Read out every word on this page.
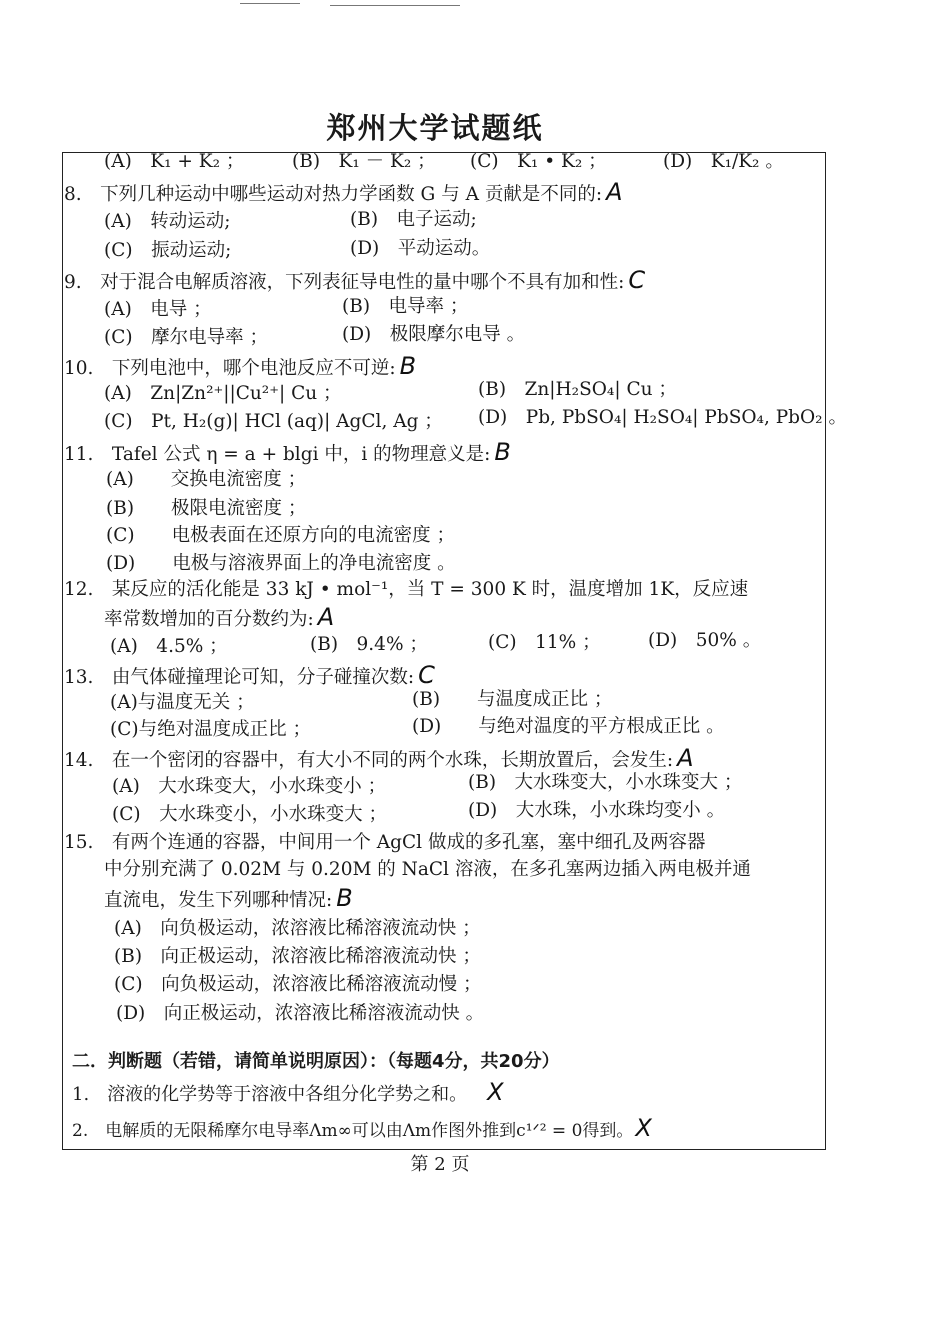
郑州大学试题纸
(A)　K₁ + K₂ ；	(B)　K₁ － K₂ ； (C)　K₁ • K₂ ；	(D)　K₁/K₂ 。
8.　下列几种运动中哪些运动对热力学函数 G 与 A 贡献是不同的: A
(A)　转动运动;	(B)　电子运动;
(C)　振动运动;	(D)　平动运动。
9.　对于混合电解质溶液，下列表征导电性的量中哪个不具有加和性: C
(A)　电导 ；	(B)　电导率 ；
(C)　摩尔电导率 ；	(D)　极限摩尔电导 。
10.　下列电池中，哪个电池反应不可逆: B
(A)　Zn|Zn²⁺||Cu²⁺| Cu ；	(B)　Zn|H₂SO₄| Cu ；
(C)　Pt, H₂(g)| HCl (aq)| AgCl, Ag ； (D)　Pb, PbSO₄| H₂SO₄| PbSO₄, PbO₂ 。
11.　Tafel 公式 η = a + blgi 中，i 的物理意义是: B
(A)　　交换电流密度 ；
(B)　　极限电流密度 ；
(C)　　电极表面在还原方向的电流密度 ；
(D)　　电极与溶液界面上的净电流密度 。
12.　某反应的活化能是 33 kJ • mol⁻¹，当 T = 300 K 时，温度增加 1K，反应速
率常数增加的百分数约为: A
(A)　4.5% ；	(B)　9.4% ；	(C)　11% ；	(D)　50% 。
13.　由气体碰撞理论可知，分子碰撞次数: C
(A)与温度无关 ；	(B)　　与温度成正比 ；
(C)与绝对温度成正比 ；	(D)　　与绝对温度的平方根成正比 。
14.　在一个密闭的容器中，有大小不同的两个水珠，长期放置后，会发生: A
(A)　大水珠变大，小水珠变小 ；	(B)　大水珠变大，小水珠变大 ；
(C)　大水珠变小，小水珠变大 ；	(D)　大水珠，小水珠均变小 。
15.　有两个连通的容器，中间用一个 AgCl 做成的多孔塞，塞中细孔及两容器
中分别充满了 0.02M 与 0.20M 的 NaCl 溶液，在多孔塞两边插入两电极并通
直流电，发生下列哪种情况: B
(A)　向负极运动，浓溶液比稀溶液流动快 ；
(B)　向正极运动，浓溶液比稀溶液流动快 ；
(C)　向负极运动，浓溶液比稀溶液流动慢 ；
(D)　向正极运动，浓溶液比稀溶液流动快 。
二．判断题（若错，请简单说明原因）：（每题4分，共20分）
1.　溶液的化学势等于溶液中各组分化学势之和。 X
2.　电解质的无限稀摩尔电导率Λm∞可以由Λm作图外推到c¹ᐟ² = 0得到。X
第 2 页
